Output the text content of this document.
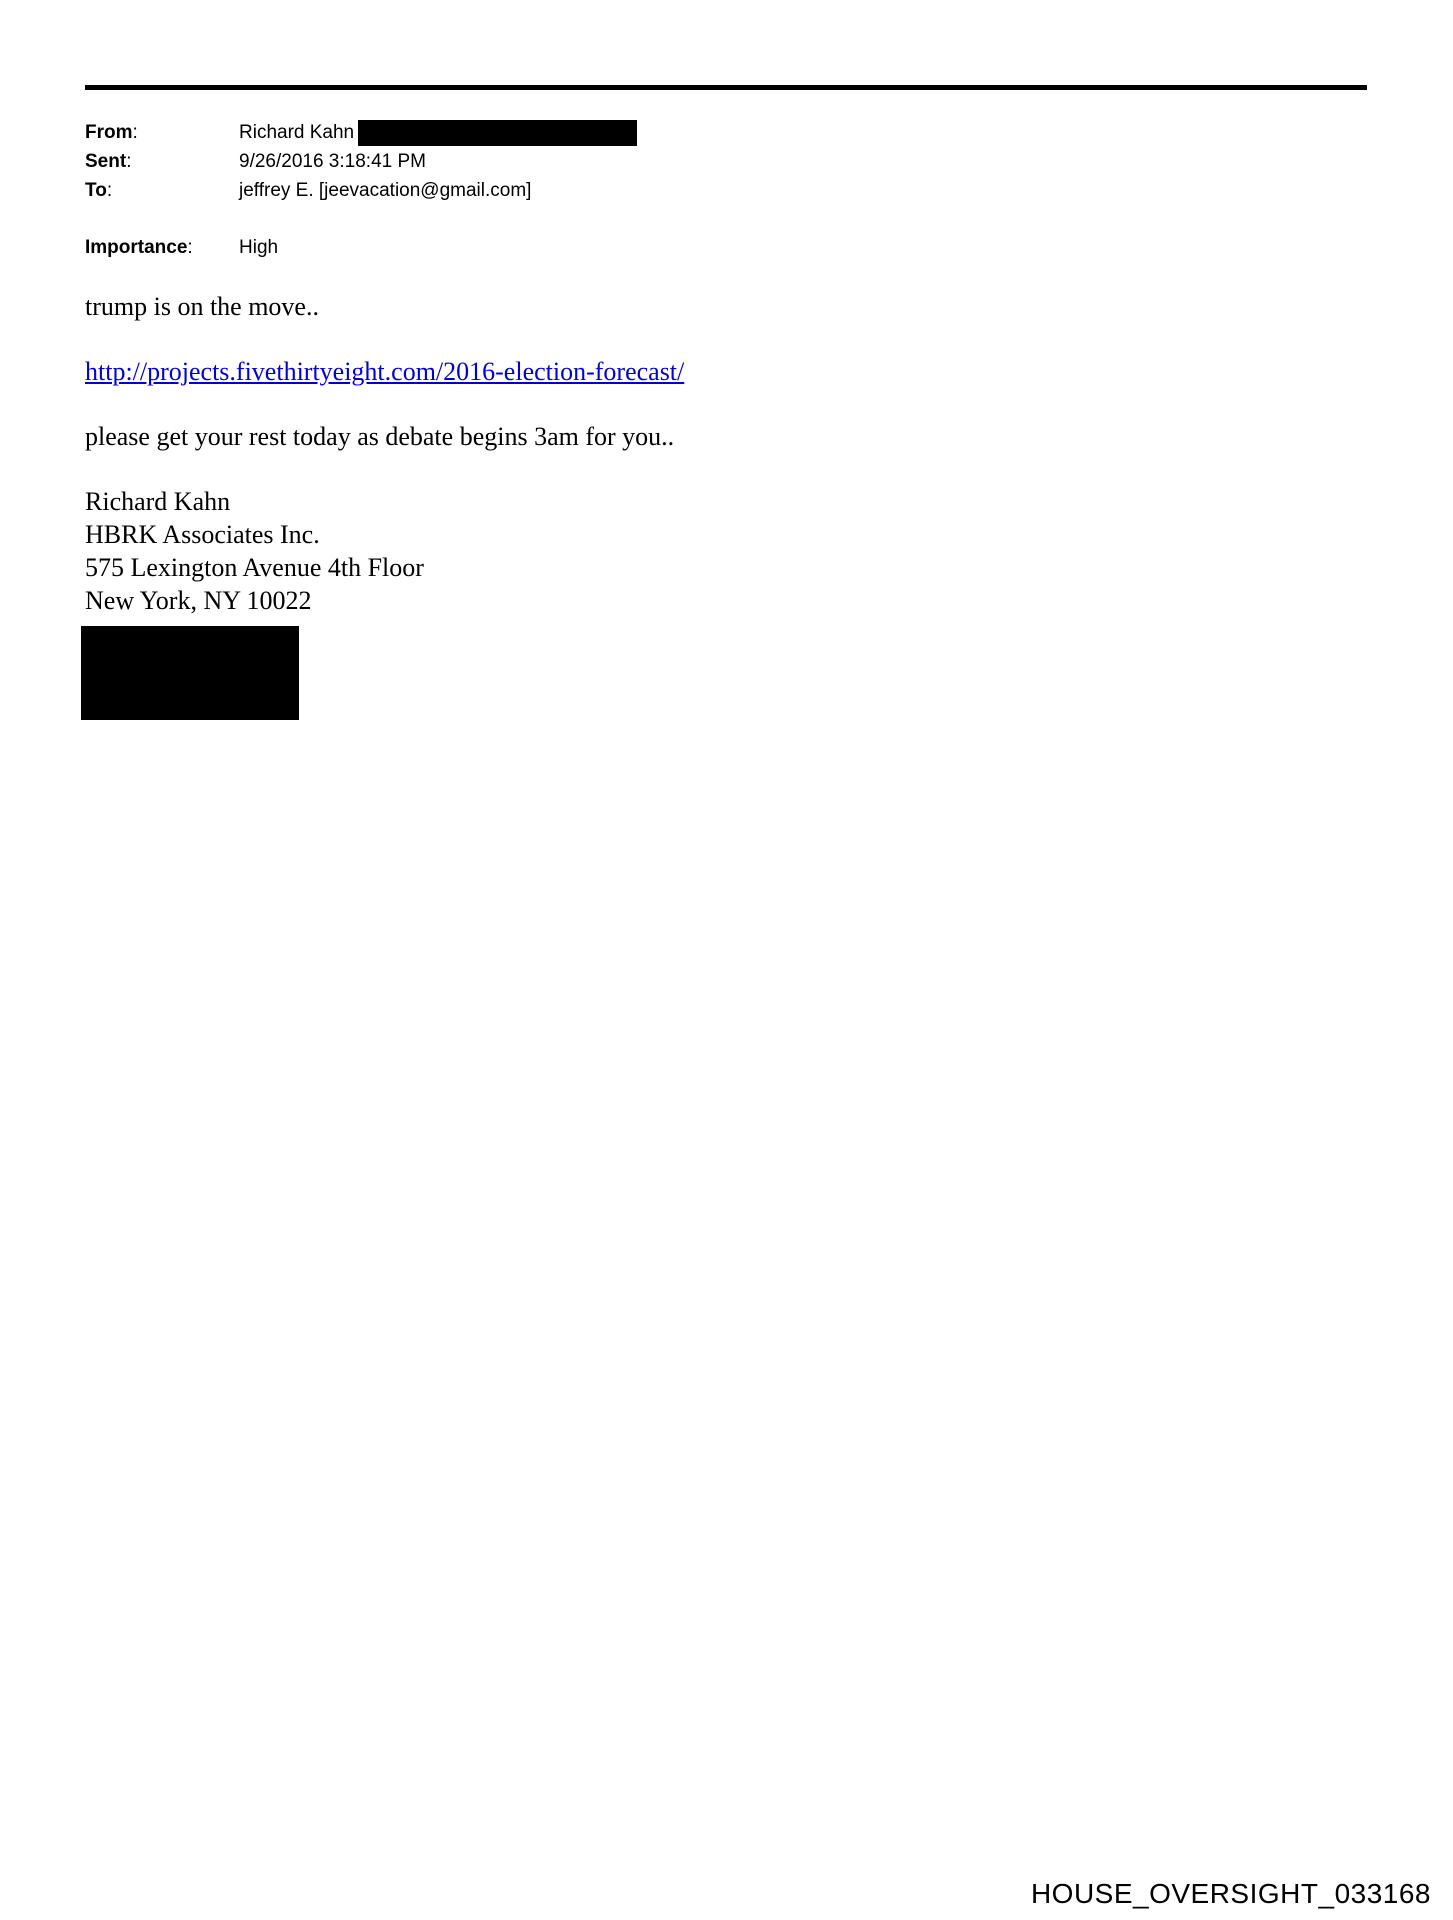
From:	Richard Kahn
Sent:	9/26/2016 3:18:41 PM
To:	jeffrey E. [jeevacation@gmail.com]
Importance:	High

trump is on the move..

http://projects.fivethirtyeight.com/2016-election-forecast/

please get your rest today as debate begins 3am for you..

Richard Kahn

HBRK Associates Inc.

575 Lexington Avenue 4th Floor

New York, NY 10022

HOUSE_OVERSIGHT_033168
